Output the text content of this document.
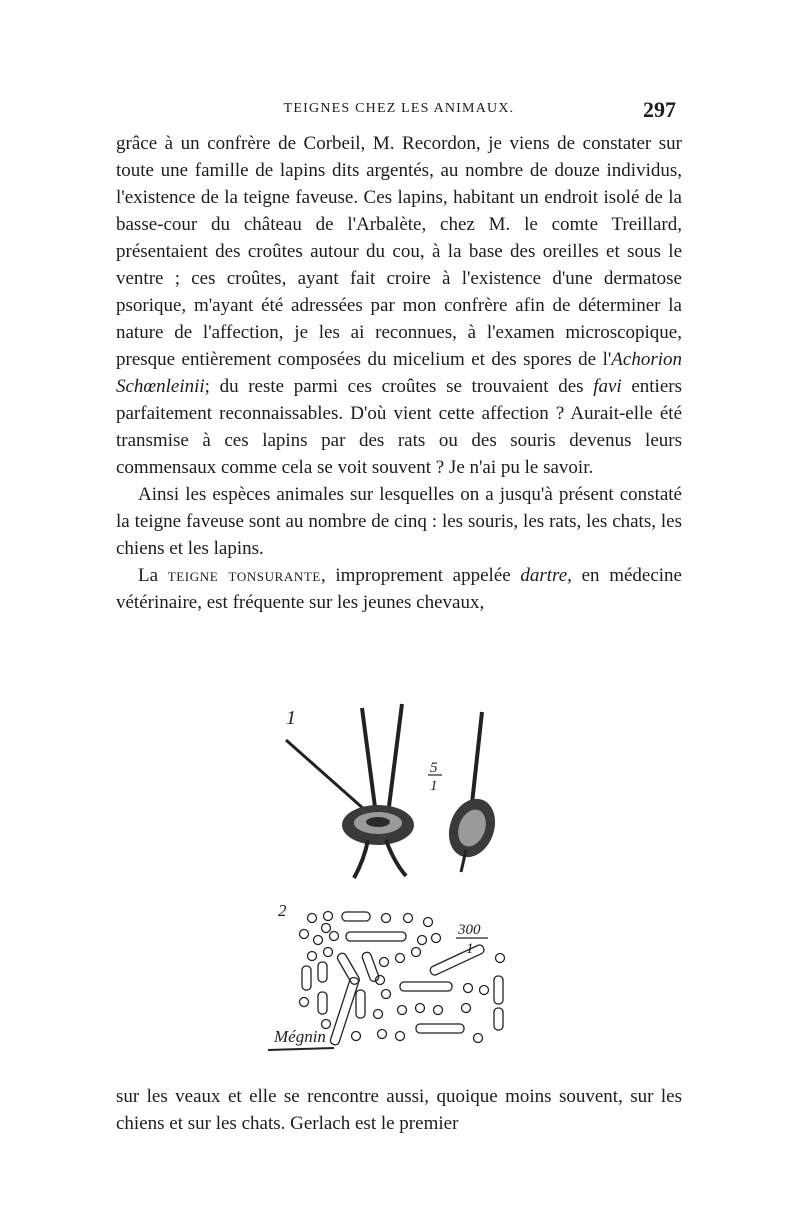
TEIGNES CHEZ LES ANIMAUX.	297

grâce à un confrère de Corbeil, M. Recordon, je viens de constater sur toute une famille de lapins dits argentés, au nombre de douze individus, l'existence de la teigne faveuse. Ces lapins, habitant un endroit isolé de la basse-cour du château de l'Arbalète, chez M. le comte Treillard, présentaient des croûtes autour du cou, à la base des oreilles et sous le ventre ; ces croûtes, ayant fait croire à l'existence d'une dermatose psorique, m'ayant été adressées par mon confrère afin de déterminer la nature de l'affection, je les ai reconnues, à l'examen microscopique, presque entièrement composées du micelium et des spores de l'Achorion Schœnleinii; du reste parmi ces croûtes se trouvaient des favi entiers parfaitement reconnaissables. D'où vient cette affection ? Aurait-elle été transmise à ces lapins par des rats ou des souris devenus leurs commensaux comme cela se voit souvent ? Je n'ai pu le savoir.

Ainsi les espèces animales sur lesquelles on a jusqu'à présent constaté la teigne faveuse sont au nombre de cinq : les souris, les rats, les chats, les chiens et les lapins.

La teigne tonsurante, improprement appelée dartre, en médecine vétérinaire, est fréquente sur les jeunes chevaux,

1
5
1
2
300
1
Mégnin

sur les veaux et elle se rencontre aussi, quoique moins souvent, sur les chiens et sur les chats. Gerlach est le premier
